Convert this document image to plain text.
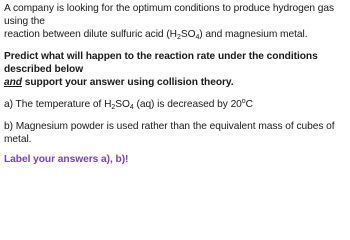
A company is looking for the optimum conditions to produce hydrogen gas using the
reaction between dilute sulfuric acid $(H_2SO_4)$ and magnesium metal.

Predict what will happen to the reaction rate under the conditions described below
and support your answer using collision theory.

a) The temperature of $H_2SO_4$ (aq) is decreased by 20$^o$C

b) Magnesium powder is used rather than the equivalent mass of cubes of metal.

Label your answers a), b)!
